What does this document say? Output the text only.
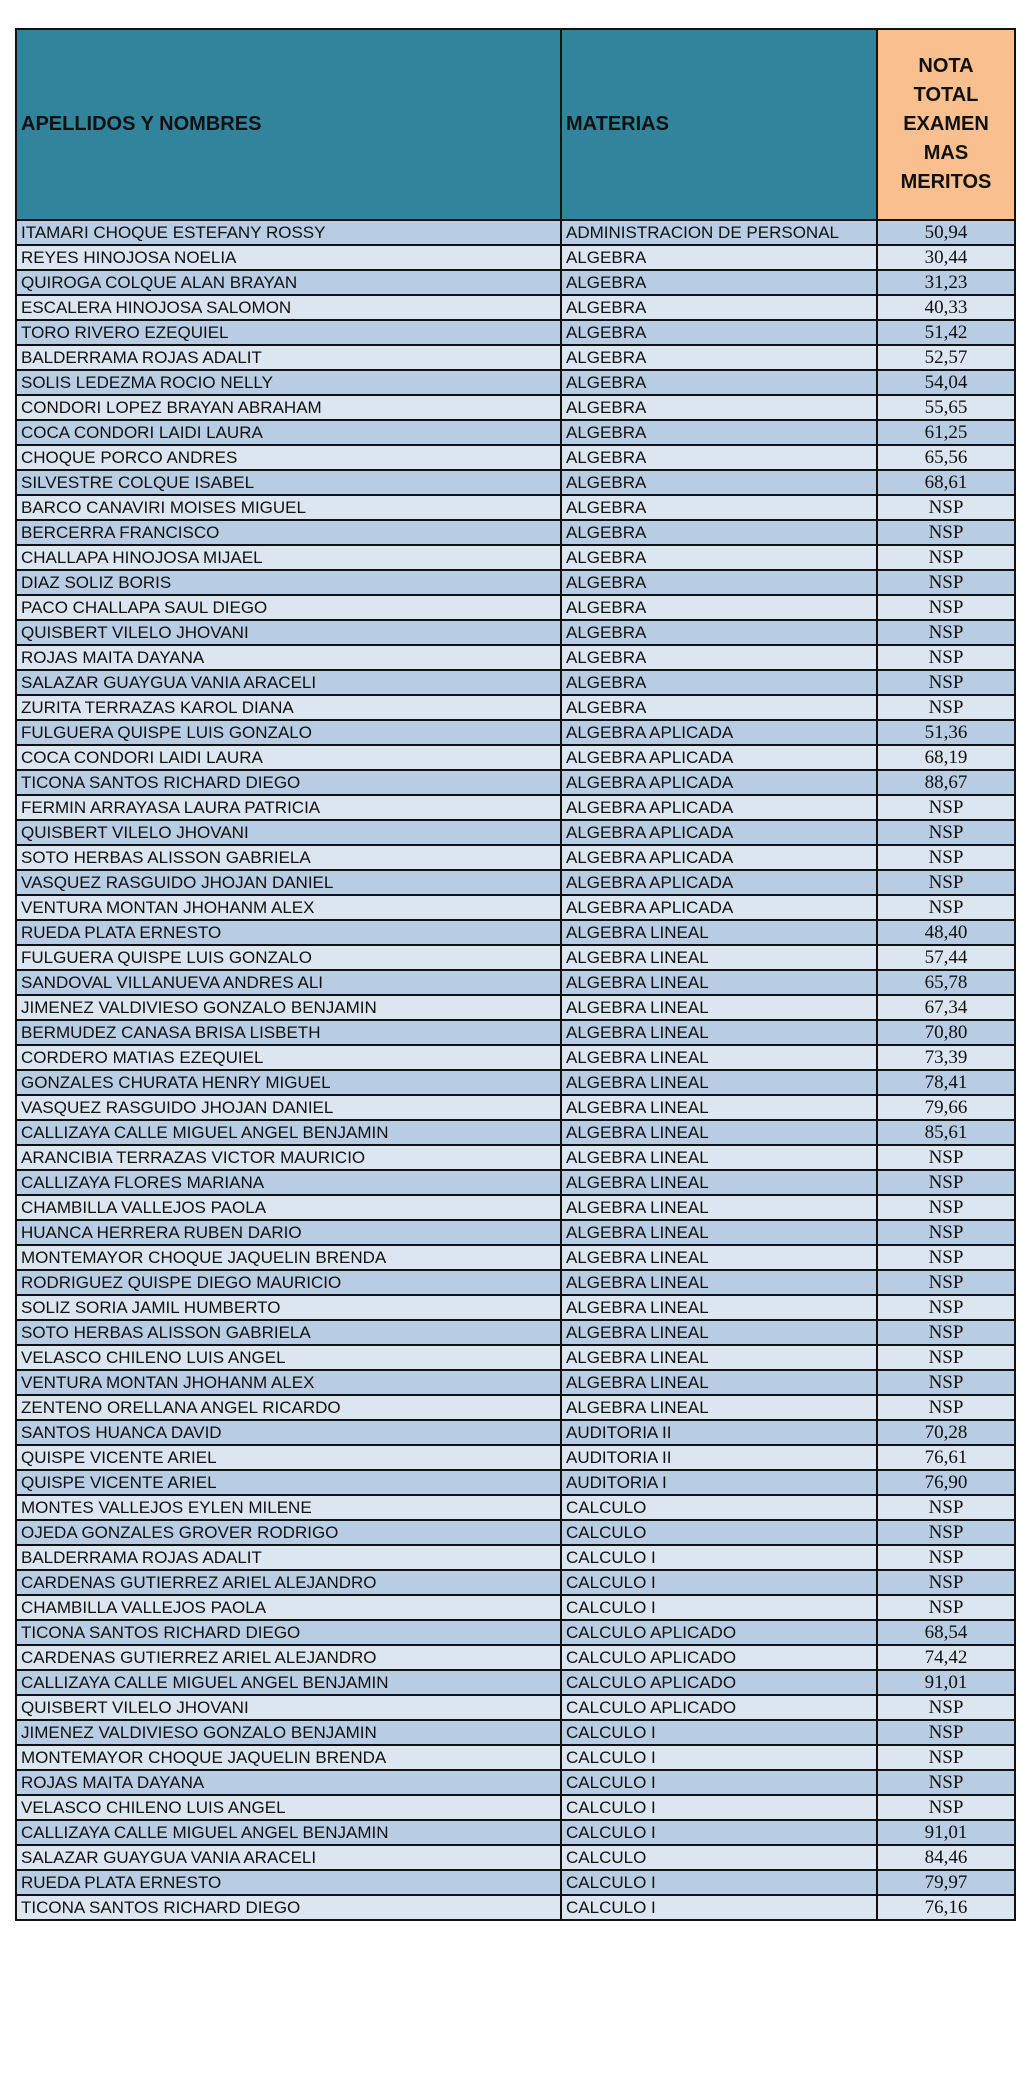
APELLIDOS Y NOMBRES	MATERIAS	NOTA TOTAL EXAMEN MAS MERITOS
ITAMARI CHOQUE ESTEFANY ROSSY	ADMINISTRACION DE PERSONAL	50,94
REYES HINOJOSA NOELIA	ALGEBRA	30,44
QUIROGA COLQUE ALAN BRAYAN	ALGEBRA	31,23
ESCALERA HINOJOSA SALOMON	ALGEBRA	40,33
TORO RIVERO EZEQUIEL	ALGEBRA	51,42
BALDERRAMA ROJAS ADALIT	ALGEBRA	52,57
SOLIS LEDEZMA ROCIO NELLY	ALGEBRA	54,04
CONDORI LOPEZ BRAYAN ABRAHAM	ALGEBRA	55,65
COCA CONDORI LAIDI LAURA	ALGEBRA	61,25
CHOQUE PORCO ANDRES	ALGEBRA	65,56
SILVESTRE COLQUE ISABEL	ALGEBRA	68,61
BARCO CANAVIRI MOISES MIGUEL	ALGEBRA	NSP
BERCERRA FRANCISCO	ALGEBRA	NSP
CHALLAPA HINOJOSA MIJAEL	ALGEBRA	NSP
DIAZ SOLIZ BORIS	ALGEBRA	NSP
PACO CHALLAPA SAUL DIEGO	ALGEBRA	NSP
QUISBERT VILELO JHOVANI	ALGEBRA	NSP
ROJAS MAITA DAYANA	ALGEBRA	NSP
SALAZAR GUAYGUA VANIA ARACELI	ALGEBRA	NSP
ZURITA TERRAZAS KAROL DIANA	ALGEBRA	NSP
FULGUERA QUISPE LUIS GONZALO	ALGEBRA APLICADA	51,36
COCA CONDORI LAIDI LAURA	ALGEBRA APLICADA	68,19
TICONA SANTOS RICHARD DIEGO	ALGEBRA APLICADA	88,67
FERMIN ARRAYASA LAURA PATRICIA	ALGEBRA APLICADA	NSP
QUISBERT VILELO JHOVANI	ALGEBRA APLICADA	NSP
SOTO HERBAS ALISSON GABRIELA	ALGEBRA APLICADA	NSP
VASQUEZ RASGUIDO JHOJAN DANIEL	ALGEBRA APLICADA	NSP
VENTURA MONTAN JHOHANM ALEX	ALGEBRA APLICADA	NSP
RUEDA PLATA ERNESTO	ALGEBRA LINEAL	48,40
FULGUERA QUISPE LUIS GONZALO	ALGEBRA LINEAL	57,44
SANDOVAL VILLANUEVA ANDRES ALI	ALGEBRA LINEAL	65,78
JIMENEZ VALDIVIESO GONZALO BENJAMIN	ALGEBRA LINEAL	67,34
BERMUDEZ CANASA BRISA LISBETH	ALGEBRA LINEAL	70,80
CORDERO MATIAS EZEQUIEL	ALGEBRA LINEAL	73,39
GONZALES CHURATA HENRY MIGUEL	ALGEBRA LINEAL	78,41
VASQUEZ RASGUIDO JHOJAN DANIEL	ALGEBRA LINEAL	79,66
CALLIZAYA CALLE MIGUEL ANGEL BENJAMIN	ALGEBRA LINEAL	85,61
ARANCIBIA TERRAZAS VICTOR MAURICIO	ALGEBRA LINEAL	NSP
CALLIZAYA FLORES MARIANA	ALGEBRA LINEAL	NSP
CHAMBILLA VALLEJOS PAOLA	ALGEBRA LINEAL	NSP
HUANCA HERRERA RUBEN DARIO	ALGEBRA LINEAL	NSP
MONTEMAYOR CHOQUE JAQUELIN BRENDA	ALGEBRA LINEAL	NSP
RODRIGUEZ QUISPE DIEGO MAURICIO	ALGEBRA LINEAL	NSP
SOLIZ SORIA JAMIL HUMBERTO	ALGEBRA LINEAL	NSP
SOTO HERBAS ALISSON GABRIELA	ALGEBRA LINEAL	NSP
VELASCO CHILENO LUIS ANGEL	ALGEBRA LINEAL	NSP
VENTURA MONTAN JHOHANM ALEX	ALGEBRA LINEAL	NSP
ZENTENO ORELLANA ANGEL RICARDO	ALGEBRA LINEAL	NSP
SANTOS HUANCA DAVID	AUDITORIA II	70,28
QUISPE VICENTE ARIEL	AUDITORIA II	76,61
QUISPE VICENTE ARIEL	AUDITORIA I	76,90
MONTES VALLEJOS EYLEN MILENE	CALCULO	NSP
OJEDA GONZALES GROVER RODRIGO	CALCULO	NSP
BALDERRAMA ROJAS ADALIT	CALCULO I	NSP
CARDENAS GUTIERREZ ARIEL ALEJANDRO	CALCULO I	NSP
CHAMBILLA VALLEJOS PAOLA	CALCULO I	NSP
TICONA SANTOS RICHARD DIEGO	CALCULO APLICADO	68,54
CARDENAS GUTIERREZ ARIEL ALEJANDRO	CALCULO APLICADO	74,42
CALLIZAYA CALLE MIGUEL ANGEL BENJAMIN	CALCULO APLICADO	91,01
QUISBERT VILELO JHOVANI	CALCULO APLICADO	NSP
JIMENEZ VALDIVIESO GONZALO BENJAMIN	CALCULO I	NSP
MONTEMAYOR CHOQUE JAQUELIN BRENDA	CALCULO I	NSP
ROJAS MAITA DAYANA	CALCULO I	NSP
VELASCO CHILENO LUIS ANGEL	CALCULO I	NSP
CALLIZAYA CALLE MIGUEL ANGEL BENJAMIN	CALCULO I	91,01
SALAZAR GUAYGUA VANIA ARACELI	CALCULO	84,46
RUEDA PLATA ERNESTO	CALCULO I	79,97
TICONA SANTOS RICHARD DIEGO	CALCULO I	76,16
